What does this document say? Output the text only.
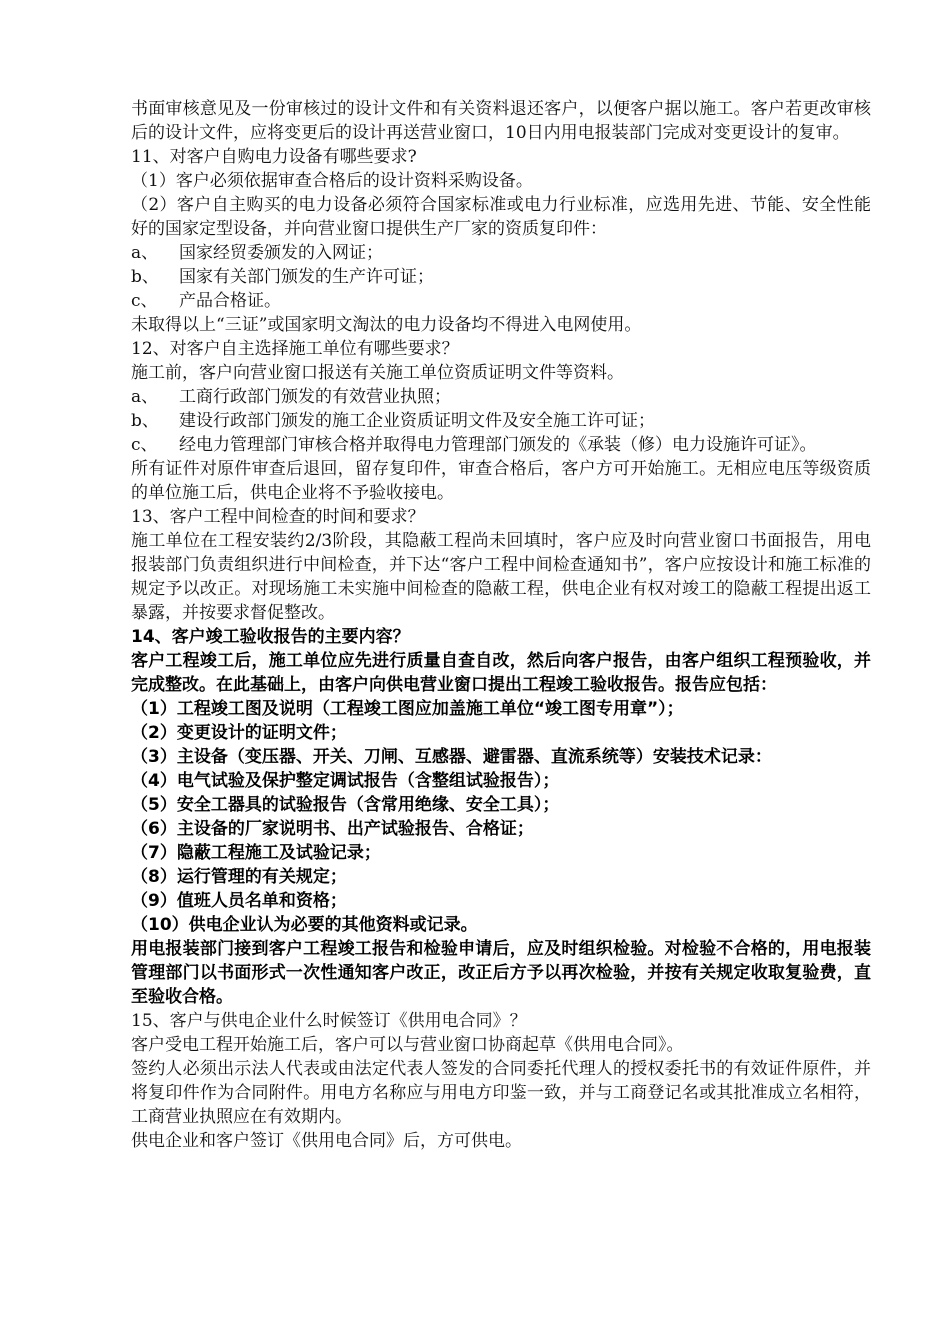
书面审核意见及一份审核过的设计文件和有关资料退还客户，以便客户据以施工。客户若更改审核后的设计文件，应将变更后的设计再送营业窗口，10日内用电报装部门完成对变更设计的复审。

11、对客户自购电力设备有哪些要求?

（1）客户必须依据审查合格后的设计资料采购设备。

（2）客户自主购买的电力设备必须符合国家标准或电力行业标准，应选用先进、节能、安全性能好的国家定型设备，并向营业窗口提供生产厂家的资质复印件：

a、	国家经贸委颁发的入网证；
b、	国家有关部门颁发的生产许可证；
c、	产品合格证。

未取得以上“三证”或国家明文淘汰的电力设备均不得进入电网使用。

12、对客户自主选择施工单位有哪些要求？

施工前，客户向营业窗口报送有关施工单位资质证明文件等资料。

a、	工商行政部门颁发的有效营业执照；
b、	建设行政部门颁发的施工企业资质证明文件及安全施工许可证；
c、	经电力管理部门审核合格并取得电力管理部门颁发的《承装（修）电力设施许可证》。

所有证件对原件审查后退回，留存复印件，审查合格后，客户方可开始施工。无相应电压等级资质的单位施工后，供电企业将不予验收接电。

13、客户工程中间检查的时间和要求？

施工单位在工程安装约2/3阶段，其隐蔽工程尚未回填时，客户应及时向营业窗口书面报告，用电报装部门负责组织进行中间检查，并下达“客户工程中间检查通知书”，客户应按设计和施工标准的规定予以改正。对现场施工未实施中间检查的隐蔽工程，供电企业有权对竣工的隐蔽工程提出返工暴露，并按要求督促整改。

14、客户竣工验收报告的主要内容？

客户工程竣工后，施工单位应先进行质量自查自改，然后向客户报告，由客户组织工程预验收，并完成整改。在此基础上，由客户向供电营业窗口提出工程竣工验收报告。报告应包括：

（1）工程竣工图及说明（工程竣工图应加盖施工单位“竣工图专用章”）；

（2）变更设计的证明文件；

（3）主设备（变压器、开关、刀闸、互感器、避雷器、直流系统等）安装技术记录：

（4）电气试验及保护整定调试报告（含整组试验报告）；

（5）安全工器具的试验报告（含常用绝缘、安全工具）；

（6）主设备的厂家说明书、出产试验报告、合格证；

（7）隐蔽工程施工及试验记录；

（8）运行管理的有关规定；

（9）值班人员名单和资格；

（10）供电企业认为必要的其他资料或记录。

用电报装部门接到客户工程竣工报告和检验申请后，应及时组织检验。对检验不合格的，用电报装管理部门以书面形式一次性通知客户改正，改正后方予以再次检验，并按有关规定收取复验费，直至验收合格。

15、客户与供电企业什么时候签订《供用电合同》？

客户受电工程开始施工后，客户可以与营业窗口协商起草《供用电合同》。

签约人必须出示法人代表或由法定代表人签发的合同委托代理人的授权委托书的有效证件原件，并将复印件作为合同附件。用电方名称应与用电方印鉴一致，并与工商登记名或其批准成立名相符，工商营业执照应在有效期内。

供电企业和客户签订《供用电合同》后，方可供电。
